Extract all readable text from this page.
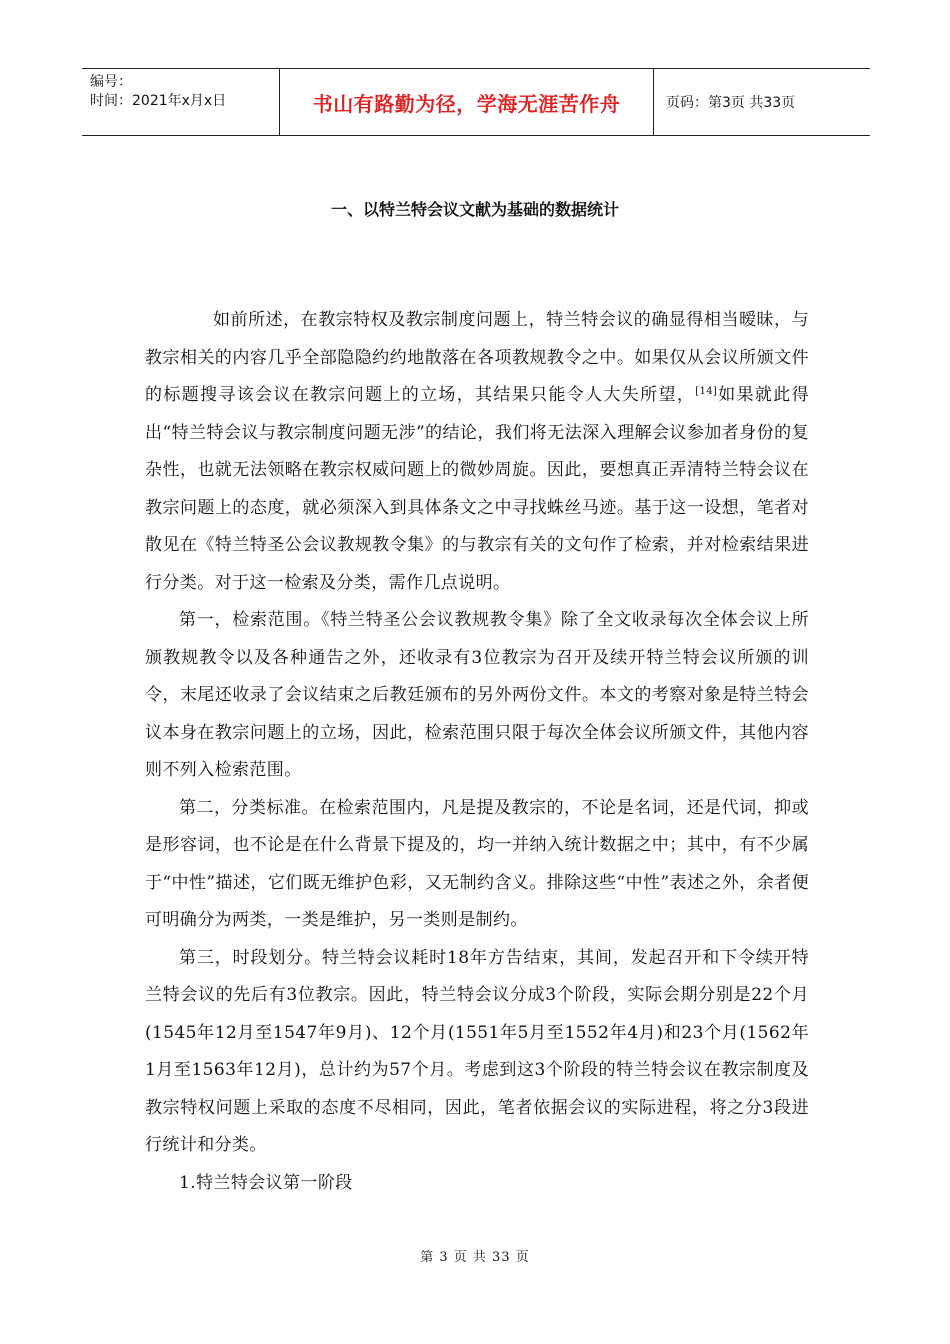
编号：
时间：2021年x月x日	书山有路勤为径，学海无涯苦作舟	页码：第3页 共33页
一、以特兰特会议文献为基础的数据统计

如前所述，在教宗特权及教宗制度问题上，特兰特会议的确显得相当暧昧，与教宗相关的内容几乎全部隐隐约约地散落在各项教规教令之中。如果仅从会议所颁文件的标题搜寻该会议在教宗问题上的立场，其结果只能令人大失所望，[14]如果就此得出“特兰特会议与教宗制度问题无涉”的结论，我们将无法深入理解会议参加者身份的复杂性，也就无法领略在教宗权威问题上的微妙周旋。因此，要想真正弄清特兰特会议在教宗问题上的态度，就必须深入到具体条文之中寻找蛛丝马迹。基于这一设想，笔者对散见在《特兰特圣公会议教规教令集》的与教宗有关的文句作了检索，并对检索结果进行分类。对于这一检索及分类，需作几点说明。

第一，检索范围。《特兰特圣公会议教规教令集》除了全文收录每次全体会议上所颁教规教令以及各种通告之外，还收录有3位教宗为召开及续开特兰特会议所颁的训令，末尾还收录了会议结束之后教廷颁布的另外两份文件。本文的考察对象是特兰特会议本身在教宗问题上的立场，因此，检索范围只限于每次全体会议所颁文件，其他内容则不列入检索范围。

第二，分类标准。在检索范围内，凡是提及教宗的，不论是名词，还是代词，抑或是形容词，也不论是在什么背景下提及的，均一并纳入统计数据之中；其中，有不少属于“中性”描述，它们既无维护色彩，又无制约含义。排除这些“中性”表述之外，余者便可明确分为两类，一类是维护，另一类则是制约。

第三，时段划分。特兰特会议耗时18年方告结束，其间，发起召开和下令续开特兰特会议的先后有3位教宗。因此，特兰特会议分成3个阶段，实际会期分别是22个月(1545年12月至1547年9月)、12个月(1551年5月至1552年4月)和23个月(1562年1月至1563年12月)，总计约为57个月。考虑到这3个阶段的特兰特会议在教宗制度及教宗特权问题上采取的态度不尽相同，因此，笔者依据会议的实际进程，将之分3段进行统计和分类。

1.特兰特会议第一阶段

第 3 页 共 33 页
